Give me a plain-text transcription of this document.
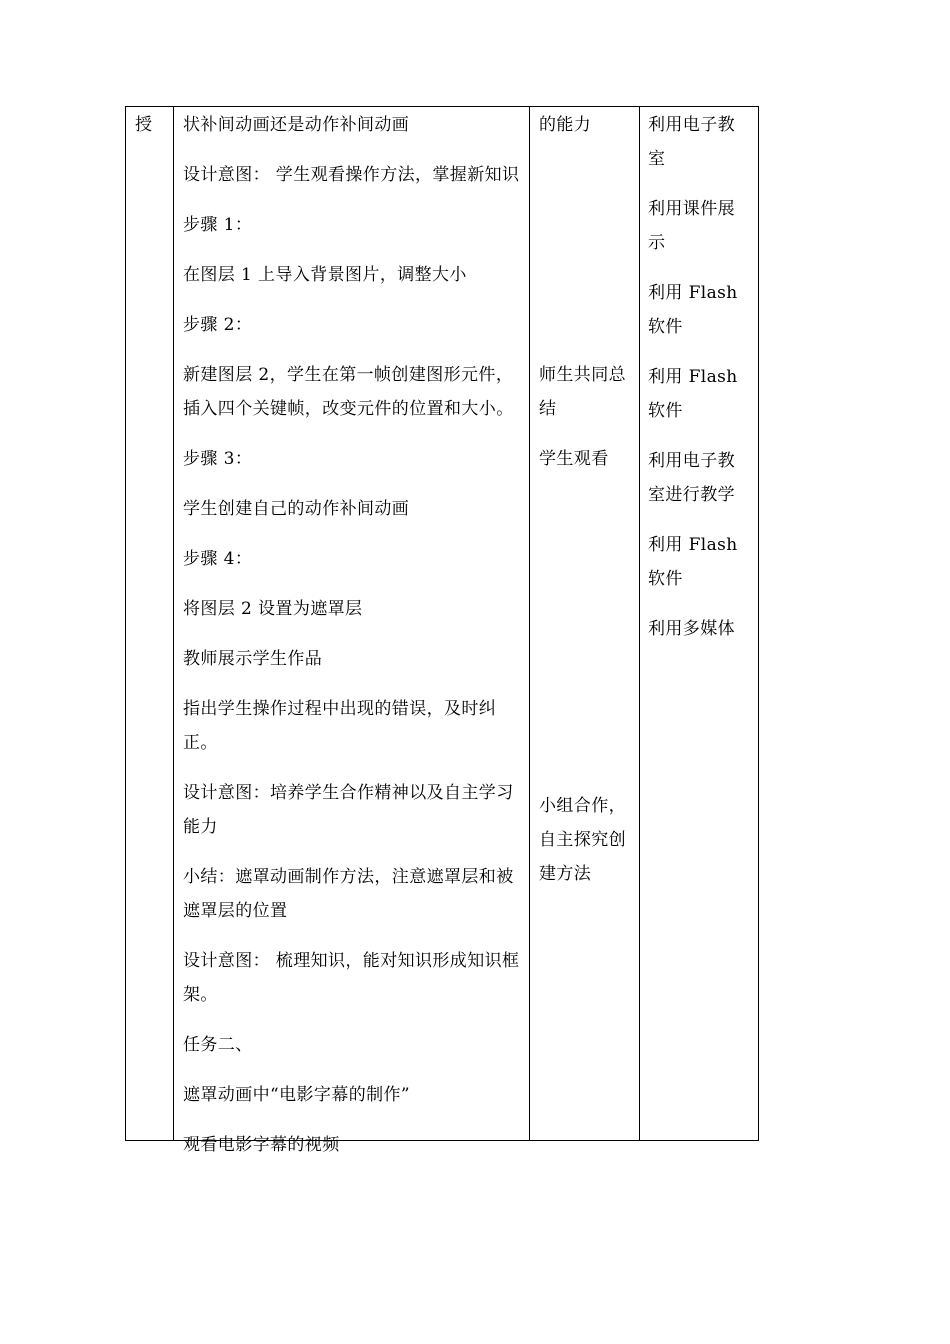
授	状补间动画还是动作补间动画

设计意图： 学生观看操作方法，掌握新知识

步骤 1：

在图层 1 上导入背景图片，调整大小

步骤 2：

新建图层 2，学生在第一帧创建图形元件，

插入四个关键帧，改变元件的位置和大小。

步骤 3：

学生创建自己的动作补间动画

步骤 4：

将图层 2 设置为遮罩层

教师展示学生作品

指出学生操作过程中出现的错误，及时纠正。

设计意图：培养学生合作精神以及自主学习

能力

小结：遮罩动画制作方法，注意遮罩层和被

遮罩层的位置

设计意图： 梳理知识，能对知识形成知识框

架。

任务二、

遮罩动画中“电影字幕的制作”

观看电影字幕的视频

的能力

师生共同总

结

学生观看

小组合作，

自主探究创

建方法

利用电子教

室

利用课件展

示

利用 Flash

软件

利用 Flash

软件

利用电子教

室进行教学

利用 Flash

软件

利用多媒体
